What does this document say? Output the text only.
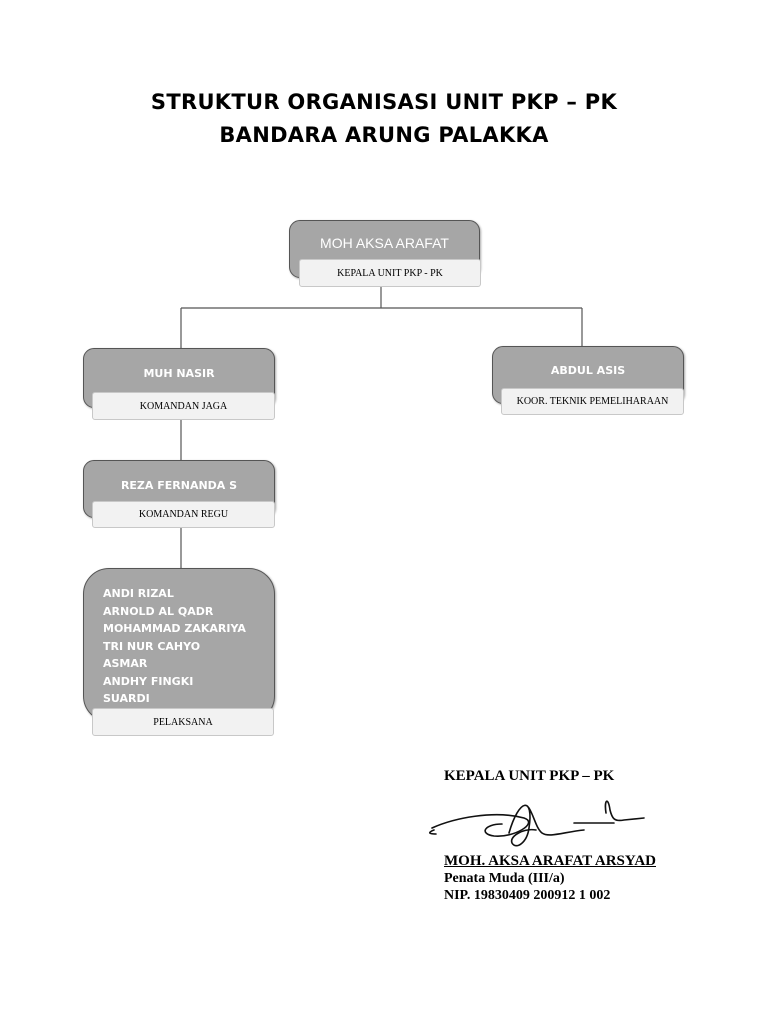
STRUKTUR ORGANISASI UNIT PKP – PK
BANDARA ARUNG PALAKKA
MOH AKSA ARAFAT
KEPALA UNIT PKP - PK
MUH NASIR
KOMANDAN JAGA
ABDUL ASIS
KOOR. TEKNIK PEMELIHARAAN
REZA FERNANDA S
KOMANDAN REGU
ANDI RIZAL
ARNOLD AL QADR
MOHAMMAD ZAKARIYA
TRI NUR CAHYO
ASMAR
ANDHY FINGKI
SUARDI
PELAKSANA
KEPALA UNIT PKP – PK
MOH. AKSA ARAFAT ARSYAD
Penata Muda (III/a)
NIP. 19830409 200912 1 002
